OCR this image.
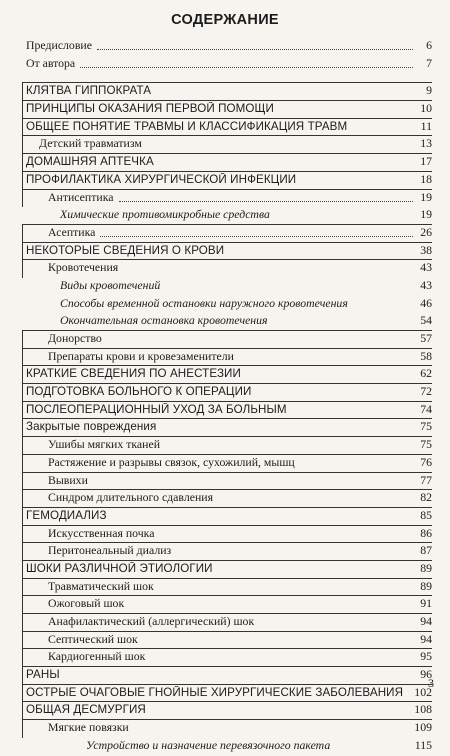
СОДЕРЖАНИЕ
Предисловие	6
От автора	7
КЛЯТВА ГИППОКРАТА	9
ПРИНЦИПЫ ОКАЗАНИЯ ПЕРВОЙ ПОМОЩИ	10
ОБЩЕЕ ПОНЯТИЕ ТРАВМЫ И КЛАССИФИКАЦИЯ ТРАВМ	11
Детский травматизм	13
ДОМАШНЯЯ АПТЕЧКА	17
ПРОФИЛАКТИКА ХИРУРГИЧЕСКОЙ ИНФЕКЦИИ	18
Антисептика	19
Химические противомикробные средства	19
Асептика	26
НЕКОТОРЫЕ СВЕДЕНИЯ О КРОВИ	38
Кровотечения	43
Виды кровотечений	43
Способы временной остановки наружного кровотечения	46
Окончательная остановка кровотечения	54
Донорство	57
Препараты крови и кровезаменители	58
КРАТКИЕ СВЕДЕНИЯ ПО АНЕСТЕЗИИ	62
ПОДГОТОВКА БОЛЬНОГО К ОПЕРАЦИИ	72
ПОСЛЕОПЕРАЦИОННЫЙ УХОД ЗА БОЛЬНЫМ	74
Закрытые повреждения	75
Ушибы мягких тканей	75
Растяжение и разрывы связок, сухожилий, мышц	76
Вывихи	77
Синдром длительного сдавления	82
ГЕМОДИАЛИЗ	85
Искусственная почка	86
Перитонеальный диализ	87
ШОКИ РАЗЛИЧНОЙ ЭТИОЛОГИИ	89
Травматический шок	89
Ожоговый шок	91
Анафилактический (аллергический) шок	94
Септический шок	94
Кардиогенный шок	95
РАНЫ	96
ОСТРЫЕ ОЧАГОВЫЕ ГНОЙНЫЕ ХИРУРГИЧЕСКИЕ ЗАБОЛЕВАНИЯ 102
ОБЩАЯ ДЕСМУРГИЯ	108
Мягкие повязки	109
Устройство и назначение перевязочного пакета	115
3
